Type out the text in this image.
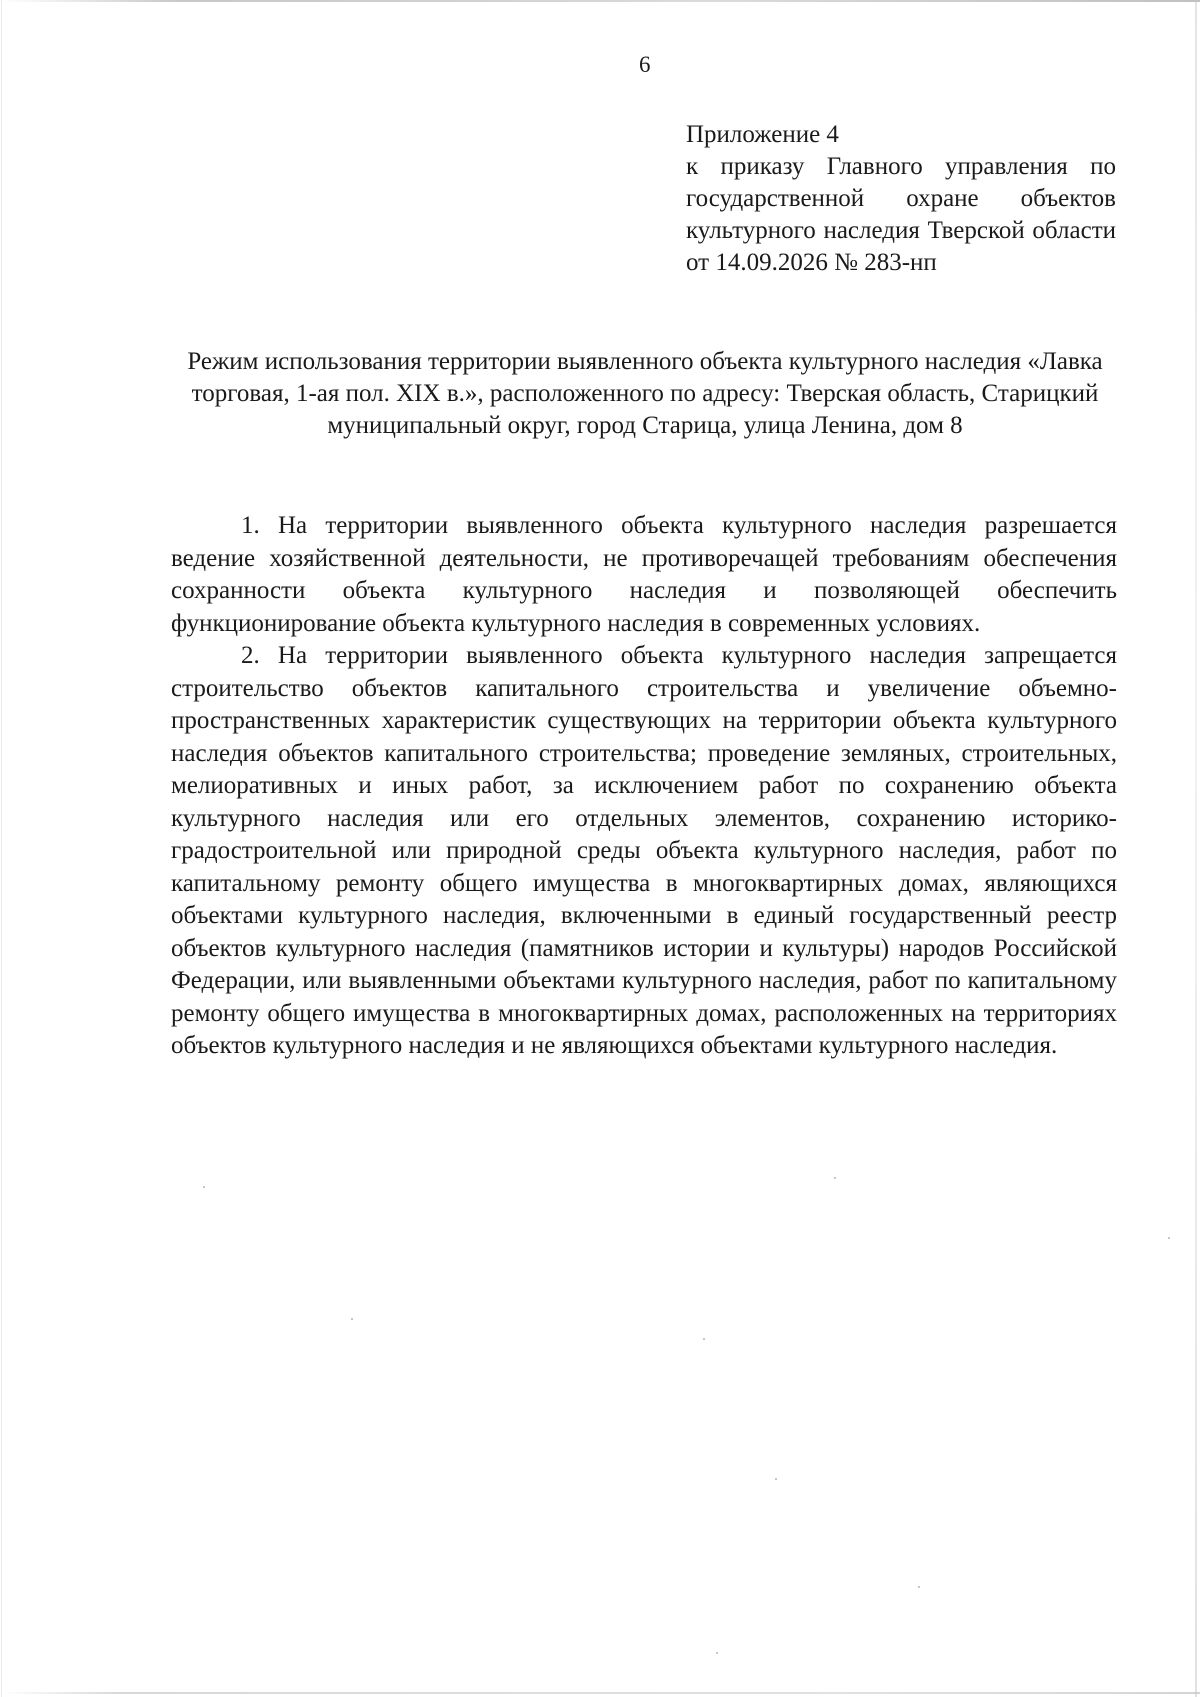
6
Приложение 4
к приказу Главного управления по государственной охране объектов культурного наследия Тверской области от 14.09.2026 № 283-нп
Режим использования территории выявленного объекта культурного наследия «Лавка торговая, 1-ая пол. XIX в.», расположенного по адресу: Тверская область, Старицкий муниципальный округ, город Старица, улица Ленина, дом 8

1. На территории выявленного объекта культурного наследия разрешается ведение хозяйственной деятельности, не противоречащей требованиям обеспечения сохранности объекта культурного наследия и позволяющей обеспечить функционирование объекта культурного наследия в современных условиях.

2. На территории выявленного объекта культурного наследия запрещается строительство объектов капитального строительства и увеличение объемно-пространственных характеристик существующих на территории объекта культурного наследия объектов капитального строительства; проведение земляных, строительных, мелиоративных и иных работ, за исключением работ по сохранению объекта культурного наследия или его отдельных элементов, сохранению историко-градостроительной или природной среды объекта культурного наследия, работ по капитальному ремонту общего имущества в многоквартирных домах, являющихся объектами культурного наследия, включенными в единый государственный реестр объектов культурного наследия (памятников истории и культуры) народов Российской Федерации, или выявленными объектами культурного наследия, работ по капитальному ремонту общего имущества в многоквартирных домах, расположенных на территориях объектов культурного наследия и не являющихся объектами культурного наследия.
